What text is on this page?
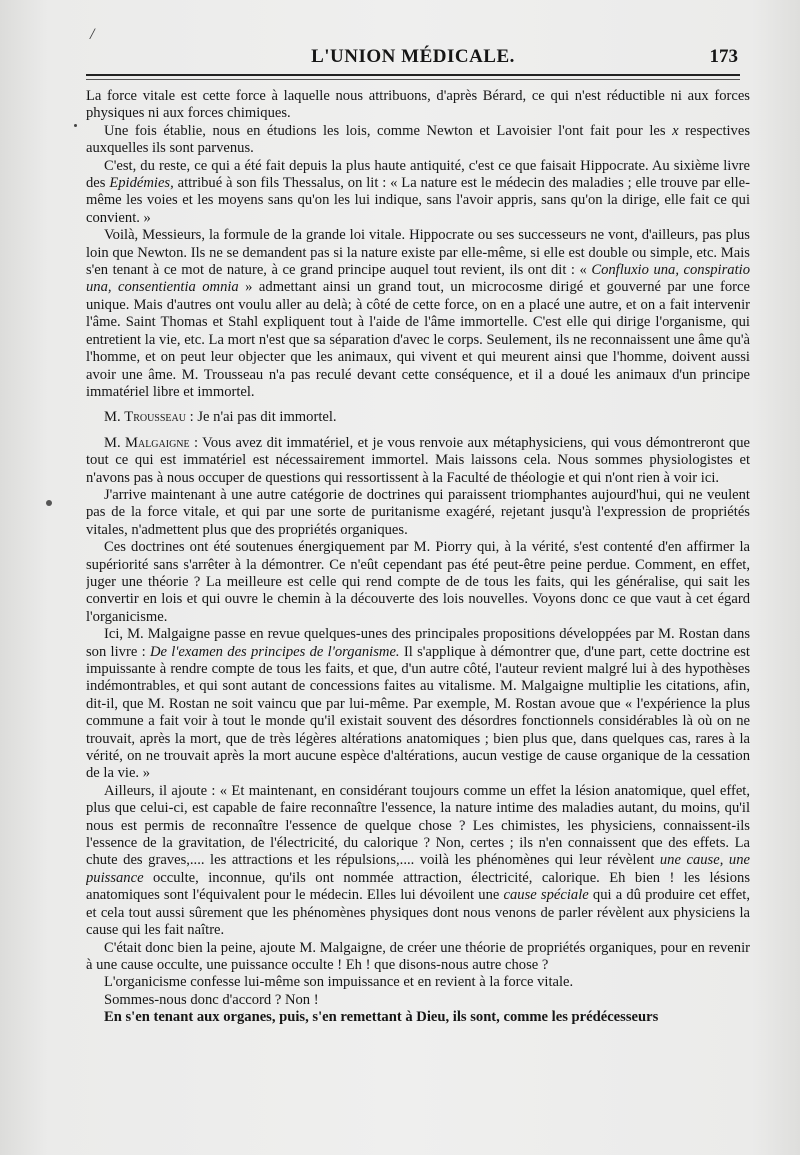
/
L'UNION MÉDICALE.	173

La force vitale est cette force à laquelle nous attribuons, d'après Bérard, ce qui n'est réductible ni aux forces physiques ni aux forces chimiques.

Une fois établie, nous en étudions les lois, comme Newton et Lavoisier l'ont fait pour les x respectives auxquelles ils sont parvenus.

C'est, du reste, ce qui a été fait depuis la plus haute antiquité, c'est ce que faisait Hippocrate. Au sixième livre des Epidémies, attribué à son fils Thessalus, on lit : « La nature est le médecin des maladies ; elle trouve par elle-même les voies et les moyens sans qu'on les lui indique, sans l'avoir appris, sans qu'on la dirige, elle fait ce qui convient. »

Voilà, Messieurs, la formule de la grande loi vitale. Hippocrate ou ses successeurs ne vont, d'ailleurs, pas plus loin que Newton. Ils ne se demandent pas si la nature existe par elle-même, si elle est double ou simple, etc. Mais s'en tenant à ce mot de nature, à ce grand principe auquel tout revient, ils ont dit : « Confluxio una, conspiratio una, consentientia omnia » admettant ainsi un grand tout, un microcosme dirigé et gouverné par une force unique. Mais d'autres ont voulu aller au delà; à côté de cette force, on en a placé une autre, et on a fait intervenir l'âme. Saint Thomas et Stahl expliquent tout à l'aide de l'âme immortelle. C'est elle qui dirige l'organisme, qui entretient la vie, etc. La mort n'est que sa séparation d'avec le corps. Seulement, ils ne reconnaissent une âme qu'à l'homme, et on peut leur objecter que les animaux, qui vivent et qui meurent ainsi que l'homme, doivent aussi avoir une âme. M. Trousseau n'a pas reculé devant cette conséquence, et il a doué les animaux d'un principe immatériel libre et immortel.

M. Trousseau : Je n'ai pas dit immortel.

M. Malgaigne : Vous avez dit immatériel, et je vous renvoie aux métaphysiciens, qui vous démontreront que tout ce qui est immatériel est nécessairement immortel. Mais laissons cela. Nous sommes physiologistes et n'avons pas à nous occuper de questions qui ressortissent à la Faculté de théologie et qui n'ont rien à voir ici.

J'arrive maintenant à une autre catégorie de doctrines qui paraissent triomphantes aujourd'hui, qui ne veulent pas de la force vitale, et qui par une sorte de puritanisme exagéré, rejetant jusqu'à l'expression de propriétés vitales, n'admettent plus que des propriétés organiques.

Ces doctrines ont été soutenues énergiquement par M. Piorry qui, à la vérité, s'est contenté d'en affirmer la supériorité sans s'arrêter à la démontrer. Ce n'eût cependant pas été peut-être peine perdue. Comment, en effet, juger une théorie ? La meilleure est celle qui rend compte de de tous les faits, qui les généralise, qui sait les convertir en lois et qui ouvre le chemin à la découverte des lois nouvelles. Voyons donc ce que vaut à cet égard l'organicisme.

Ici, M. Malgaigne passe en revue quelques-unes des principales propositions développées par M. Rostan dans son livre : De l'examen des principes de l'organisme. Il s'applique à démontrer que, d'une part, cette doctrine est impuissante à rendre compte de tous les faits, et que, d'un autre côté, l'auteur revient malgré lui à des hypothèses indémontrables, et qui sont autant de concessions faites au vitalisme. M. Malgaigne multiplie les citations, afin, dit-il, que M. Rostan ne soit vaincu que par lui-même. Par exemple, M. Rostan avoue que « l'expérience la plus commune a fait voir à tout le monde qu'il existait souvent des désordres fonctionnels considérables là où on ne trouvait, après la mort, que de très légères altérations anatomiques ; bien plus que, dans quelques cas, rares à la vérité, on ne trouvait après la mort aucune espèce d'altérations, aucun vestige de cause organique de la cessation de la vie. »

Ailleurs, il ajoute : « Et maintenant, en considérant toujours comme un effet la lésion anatomique, quel effet, plus que celui-ci, est capable de faire reconnaître l'essence, la nature intime des maladies autant, du moins, qu'il nous est permis de reconnaître l'essence de quelque chose ? Les chimistes, les physiciens, connaissent-ils l'essence de la gravitation, de l'électricité, du calorique ? Non, certes ; ils n'en connaissent que des effets. La chute des graves,.... les attractions et les répulsions,.... voilà les phénomènes qui leur révèlent une cause, une puissance occulte, inconnue, qu'ils ont nommée attraction, électricité, calorique. Eh bien ! les lésions anatomiques sont l'équivalent pour le médecin. Elles lui dévoilent une cause spéciale qui a dû produire cet effet, et cela tout aussi sûrement que les phénomènes physiques dont nous venons de parler révèlent aux physiciens la cause qui les fait naître.

C'était donc bien la peine, ajoute M. Malgaigne, de créer une théorie de propriétés organiques, pour en revenir à une cause occulte, une puissance occulte ! Eh ! que disons-nous autre chose ?

L'organicisme confesse lui-même son impuissance et en revient à la force vitale.

Sommes-nous donc d'accord ? Non !

En s'en tenant aux organes, puis, s'en remettant à Dieu, ils sont, comme les prédécesseurs
